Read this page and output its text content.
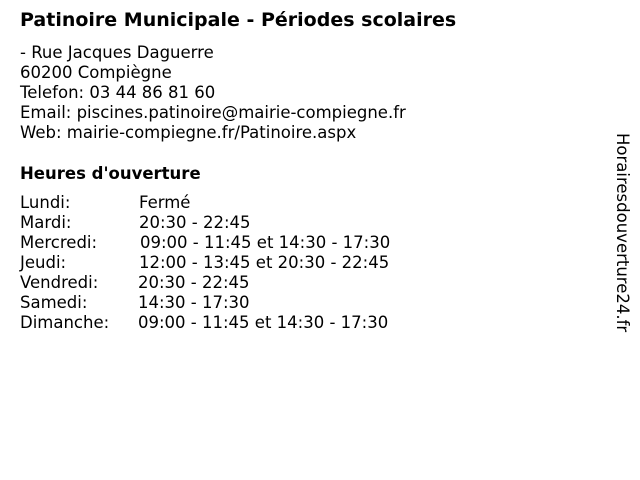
Patinoire Municipale - Périodes scolaires
- Rue Jacques Daguerre
60200 Compiègne
Telefon: 03 44 86 81 60
Email: piscines.patinoire@mairie-compiegne.fr
Web: mairie-compiegne.fr/Patinoire.aspx
Heures d'ouverture
Lundi:	Fermé
Mardi:	20:30 - 22:45
Mercredi:	09:00 - 11:45 et 14:30 - 17:30
Jeudi:	12:00 - 13:45 et 20:30 - 22:45
Vendredi: 20:30 - 22:45
Samedi:	14:30 - 17:30
Dimanche: 09:00 - 11:45 et 14:30 - 17:30	Horairesdouverture24.fr
